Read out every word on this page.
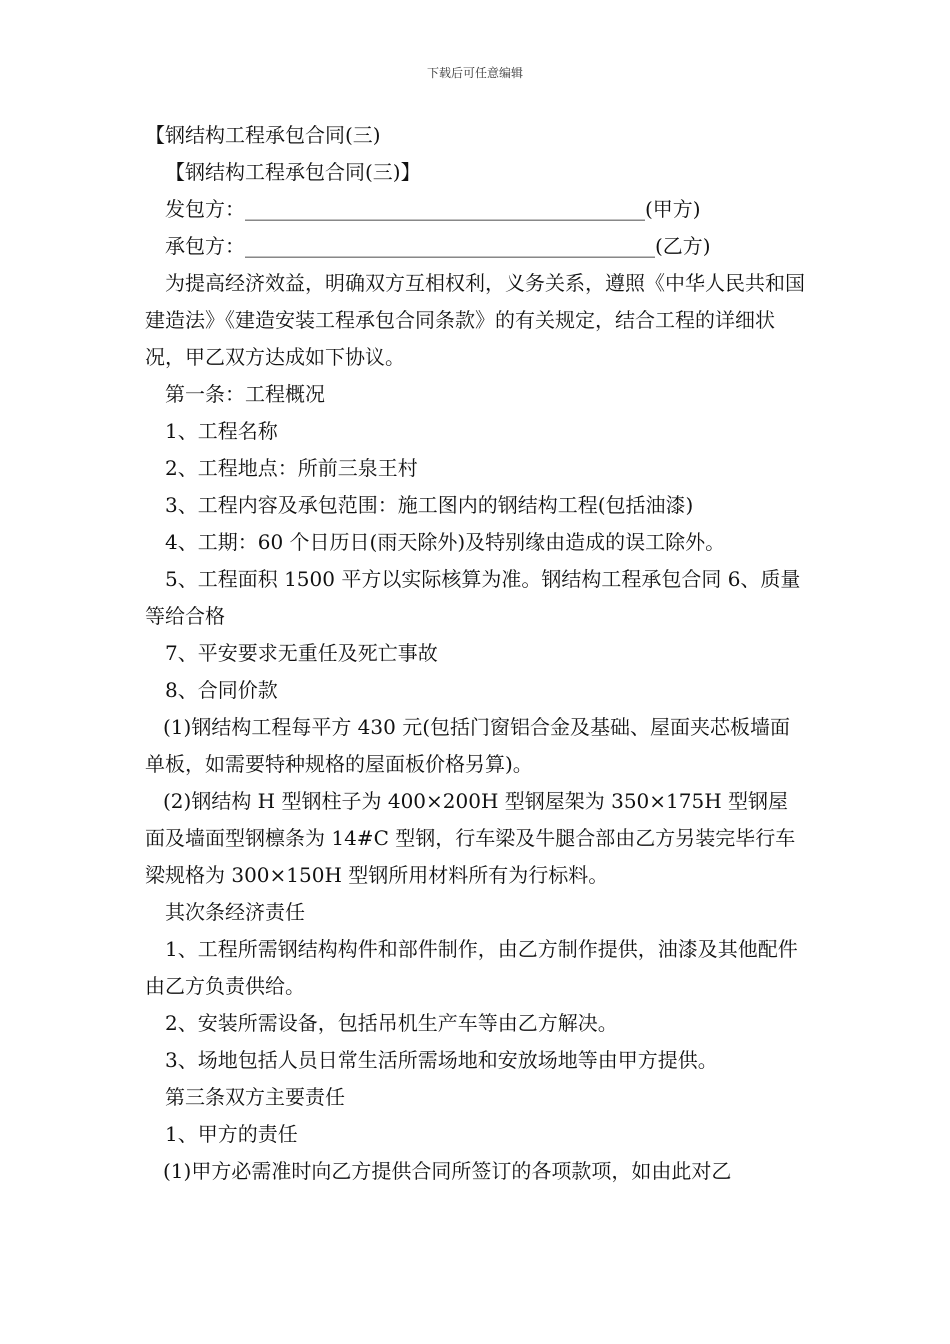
下载后可任意编辑

【钢结构工程承包合同(三)

【钢结构工程承包合同(三)】

发包方：________________________________________(甲方)

承包方：_________________________________________(乙方)

为提高经济效益，明确双方互相权利，义务关系，遵照《中华人民共和国建造法》《建造安装工程承包合同条款》的有关规定，结合工程的详细状况，甲乙双方达成如下协议。

第一条：工程概况

1、工程名称

2、工程地点：所前三泉王村

3、工程内容及承包范围：施工图内的钢结构工程(包括油漆)

4、工期：60 个日历日(雨天除外)及特别缘由造成的误工除外。

5、工程面积 1500 平方以实际核算为准。钢结构工程承包合同 6、质量等给合格

7、平安要求无重任及死亡事故

8、合同价款

(1)钢结构工程每平方 430 元(包括门窗铝合金及基础、屋面夹芯板墙面单板，如需要特种规格的屋面板价格另算)。

(2)钢结构 H 型钢柱子为 400×200H 型钢屋架为 350×175H 型钢屋面及墙面型钢檩条为 14#C 型钢，行车梁及牛腿合部由乙方另装完毕行车梁规格为 300×150H 型钢所用材料所有为行标料。

其次条经济责任

1、工程所需钢结构构件和部件制作，由乙方制作提供，油漆及其他配件由乙方负责供给。

2、安装所需设备，包括吊机生产车等由乙方解决。

3、场地包括人员日常生活所需场地和安放场地等由甲方提供。

第三条双方主要责任

1、甲方的责任

(1)甲方必需准时向乙方提供合同所签订的各项款项，如由此对乙
